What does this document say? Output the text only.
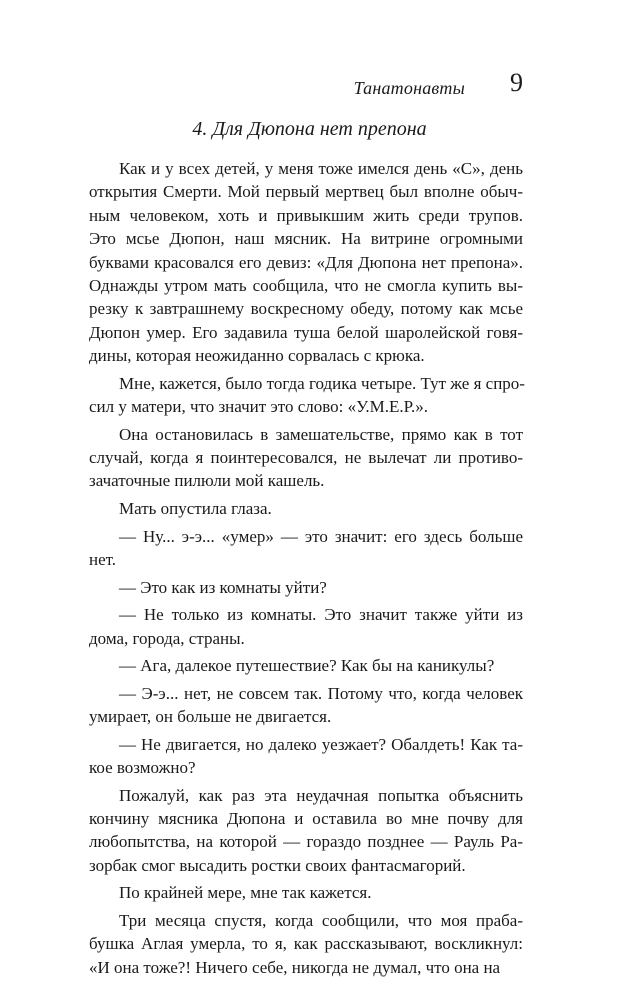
Танатонавты 9
4. Для Дюпона нет препона
Как и у всех детей, у меня тоже имелся день «С», день
открытия Смерти. Мой первый мертвец был вполне обыч-
ным человеком, хоть и привыкшим жить среди трупов.
Это мсье Дюпон, наш мясник. На витрине огромными
буквами красовался его девиз: «Для Дюпона нет препона».
Однажды утром мать сообщила, что не смогла купить вы-
резку к завтрашнему воскресному обеду, потому как мсье
Дюпон умер. Его задавила туша белой шаролейской говя-
дины, которая неожиданно сорвалась с крюка.
Мне, кажется, было тогда годика четыре. Тут же я спро-
сил у матери, что значит это слово: «У.М.Е.Р.».
Она остановилась в замешательстве, прямо как в тот
случай, когда я поинтересовался, не вылечат ли противо-
зачаточные пилюли мой кашель.
Мать опустила глаза.
— Ну... э-э... «умер» — это значит: его здесь больше
нет.
— Это как из комнаты уйти?
— Не только из комнаты. Это значит также уйти из
дома, города, страны.
— Ага, далекое путешествие? Как бы на каникулы?
— Э-э... нет, не совсем так. Потому что, когда человек
умирает, он больше не двигается.
— Не двигается, но далеко уезжает? Обалдеть! Как та-
кое возможно?
Пожалуй, как раз эта неудачная попытка объяснить
кончину мясника Дюпона и оставила во мне почву для
любопытства, на которой — гораздо позднее — Рауль Ра-
зорбак смог высадить ростки своих фантасмагорий.
По крайней мере, мне так кажется.
Три месяца спустя, когда сообщили, что моя праба-
бушка Аглая умерла, то я, как рассказывают, воскликнул:
«И она тоже?! Ничего себе, никогда не думал, что она на
